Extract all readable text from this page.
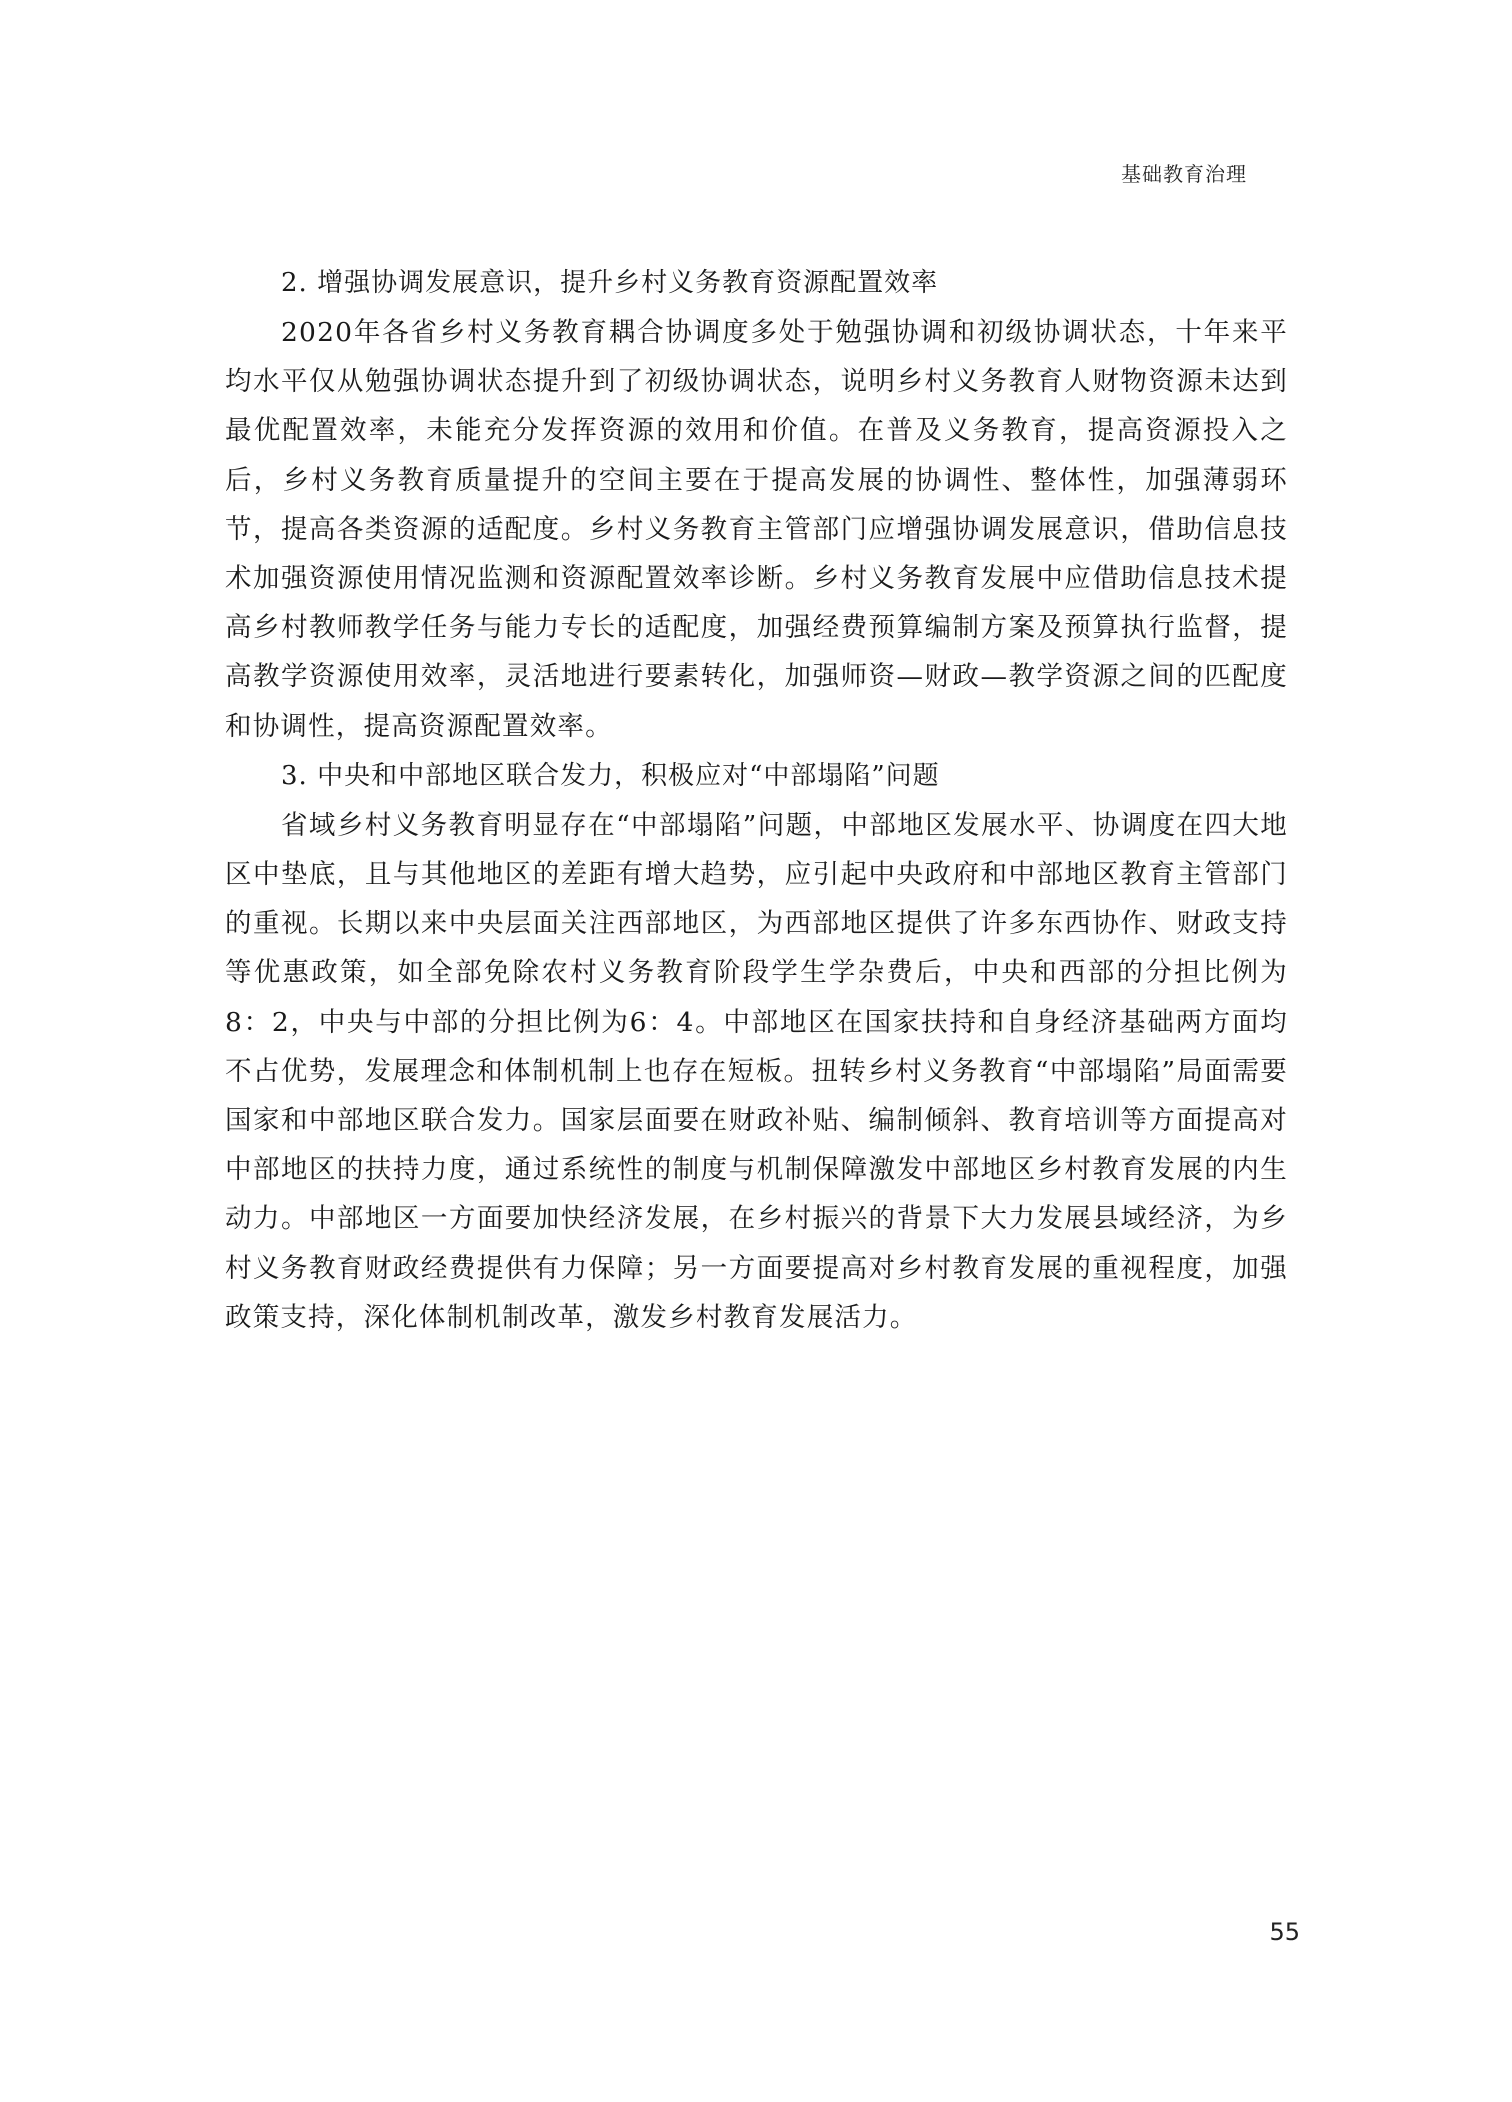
基础教育治理
2. 增强协调发展意识，提升乡村义务教育资源配置效率

2020年各省乡村义务教育耦合协调度多处于勉强协调和初级协调状态，十年来平均水平仅从勉强协调状态提升到了初级协调状态，说明乡村义务教育人财物资源未达到最优配置效率，未能充分发挥资源的效用和价值。在普及义务教育，提高资源投入之后，乡村义务教育质量提升的空间主要在于提高发展的协调性、整体性，加强薄弱环节，提高各类资源的适配度。乡村义务教育主管部门应增强协调发展意识，借助信息技术加强资源使用情况监测和资源配置效率诊断。乡村义务教育发展中应借助信息技术提高乡村教师教学任务与能力专长的适配度，加强经费预算编制方案及预算执行监督，提高教学资源使用效率，灵活地进行要素转化，加强师资—财政—教学资源之间的匹配度和协调性，提高资源配置效率。

3. 中央和中部地区联合发力，积极应对“中部塌陷”问题

省域乡村义务教育明显存在“中部塌陷”问题，中部地区发展水平、协调度在四大地区中垫底，且与其他地区的差距有增大趋势，应引起中央政府和中部地区教育主管部门的重视。长期以来中央层面关注西部地区，为西部地区提供了许多东西协作、财政支持等优惠政策，如全部免除农村义务教育阶段学生学杂费后，中央和西部的分担比例为8：2，中央与中部的分担比例为6：4。中部地区在国家扶持和自身经济基础两方面均不占优势，发展理念和体制机制上也存在短板。扭转乡村义务教育“中部塌陷”局面需要国家和中部地区联合发力。国家层面要在财政补贴、编制倾斜、教育培训等方面提高对中部地区的扶持力度，通过系统性的制度与机制保障激发中部地区乡村教育发展的内生动力。中部地区一方面要加快经济发展，在乡村振兴的背景下大力发展县域经济，为乡村义务教育财政经费提供有力保障；另一方面要提高对乡村教育发展的重视程度，加强政策支持，深化体制机制改革，激发乡村教育发展活力。

55
